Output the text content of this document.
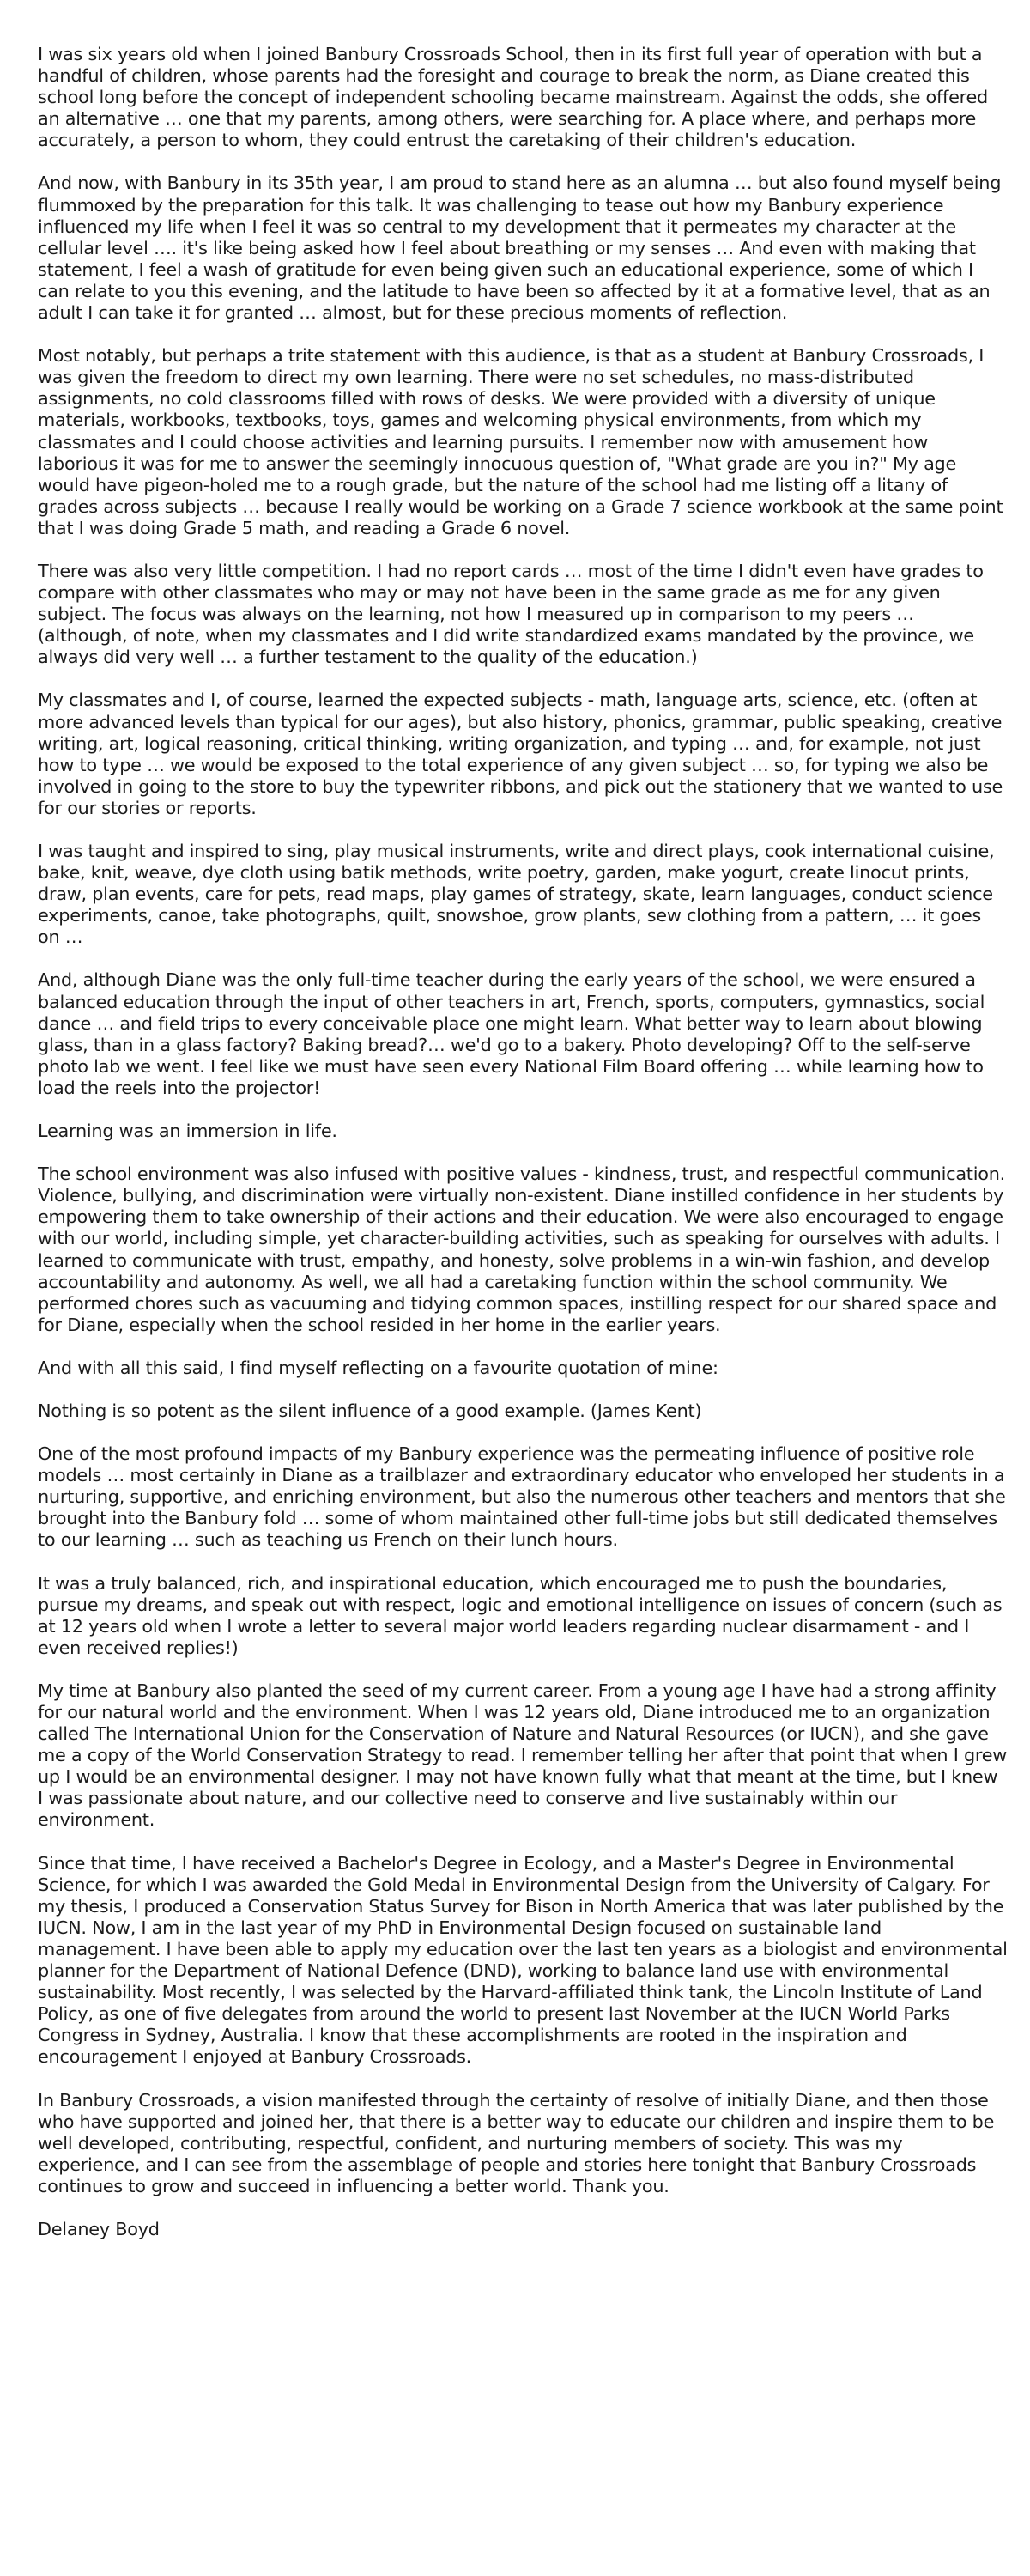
I was six years old when I joined Banbury Crossroads School, then in its first full year of operation with but a handful of children, whose parents had the foresight and courage to break the norm, as Diane created this school long before the concept of independent schooling became mainstream. Against the odds, she offered an alternative … one that my parents, among others, were searching for. A place where, and perhaps more accurately, a person to whom, they could entrust the caretaking of their children's education.

And now, with Banbury in its 35th year, I am proud to stand here as an alumna … but also found myself being flummoxed by the preparation for this talk. It was challenging to tease out how my Banbury experience influenced my life when I feel it was so central to my development that it permeates my character at the cellular level …. it's like being asked how I feel about breathing or my senses … And even with making that statement, I feel a wash of gratitude for even being given such an educational experience, some of which I can relate to you this evening, and the latitude to have been so affected by it at a formative level, that as an adult I can take it for granted … almost, but for these precious moments of reflection.

Most notably, but perhaps a trite statement with this audience, is that as a student at Banbury Crossroads, I was given the freedom to direct my own learning. There were no set schedules, no mass-distributed assignments, no cold classrooms filled with rows of desks. We were provided with a diversity of unique materials, workbooks, textbooks, toys, games and welcoming physical environments, from which my classmates and I could choose activities and learning pursuits. I remember now with amusement how laborious it was for me to answer the seemingly innocuous question of, "What grade are you in?" My age would have pigeon-holed me to a rough grade, but the nature of the school had me listing off a litany of grades across subjects … because I really would be working on a Grade 7 science workbook at the same point that I was doing Grade 5 math, and reading a Grade 6 novel.

There was also very little competition. I had no report cards … most of the time I didn't even have grades to compare with other classmates who may or may not have been in the same grade as me for any given subject. The focus was always on the learning, not how I measured up in comparison to my peers … (although, of note, when my classmates and I did write standardized exams mandated by the province, we always did very well … a further testament to the quality of the education.)

My classmates and I, of course, learned the expected subjects - math, language arts, science, etc. (often at more advanced levels than typical for our ages), but also history, phonics, grammar, public speaking, creative writing, art, logical reasoning, critical thinking, writing organization, and typing … and, for example, not just how to type … we would be exposed to the total experience of any given subject … so, for typing we also be involved in going to the store to buy the typewriter ribbons, and pick out the stationery that we wanted to use for our stories or reports.

I was taught and inspired to sing, play musical instruments, write and direct plays, cook international cuisine, bake, knit, weave, dye cloth using batik methods, write poetry, garden, make yogurt, create linocut prints, draw, plan events, care for pets, read maps, play games of strategy, skate, learn languages, conduct science experiments, canoe, take photographs, quilt, snowshoe, grow plants, sew clothing from a pattern, … it goes on …

And, although Diane was the only full-time teacher during the early years of the school, we were ensured a balanced education through the input of other teachers in art, French, sports, computers, gymnastics, social dance … and field trips to every conceivable place one might learn. What better way to learn about blowing glass, than in a glass factory? Baking bread?… we'd go to a bakery. Photo developing? Off to the self-serve photo lab we went. I feel like we must have seen every National Film Board offering … while learning how to load the reels into the projector!

Learning was an immersion in life.

The school environment was also infused with positive values - kindness, trust, and respectful communication. Violence, bullying, and discrimination were virtually non-existent. Diane instilled confidence in her students by empowering them to take ownership of their actions and their education. We were also encouraged to engage with our world, including simple, yet character-building activities, such as speaking for ourselves with adults. I learned to communicate with trust, empathy, and honesty, solve problems in a win-win fashion, and develop accountability and autonomy. As well, we all had a caretaking function within the school community. We performed chores such as vacuuming and tidying common spaces, instilling respect for our shared space and for Diane, especially when the school resided in her home in the earlier years.

And with all this said, I find myself reflecting on a favourite quotation of mine:

Nothing is so potent as the silent influence of a good example. (James Kent)

One of the most profound impacts of my Banbury experience was the permeating influence of positive role models … most certainly in Diane as a trailblazer and extraordinary educator who enveloped her students in a nurturing, supportive, and enriching environment, but also the numerous other teachers and mentors that she brought into the Banbury fold … some of whom maintained other full-time jobs but still dedicated themselves to our learning … such as teaching us French on their lunch hours.

It was a truly balanced, rich, and inspirational education, which encouraged me to push the boundaries, pursue my dreams, and speak out with respect, logic and emotional intelligence on issues of concern (such as at 12 years old when I wrote a letter to several major world leaders regarding nuclear disarmament - and I even received replies!)

My time at Banbury also planted the seed of my current career. From a young age I have had a strong affinity for our natural world and the environment. When I was 12 years old, Diane introduced me to an organization called The International Union for the Conservation of Nature and Natural Resources (or IUCN), and she gave me a copy of the World Conservation Strategy to read. I remember telling her after that point that when I grew up I would be an environmental designer. I may not have known fully what that meant at the time, but I knew I was passionate about nature, and our collective need to conserve and live sustainably within our environment.

Since that time, I have received a Bachelor's Degree in Ecology, and a Master's Degree in Environmental Science, for which I was awarded the Gold Medal in Environmental Design from the University of Calgary. For my thesis, I produced a Conservation Status Survey for Bison in North America that was later published by the IUCN. Now, I am in the last year of my PhD in Environmental Design focused on sustainable land management. I have been able to apply my education over the last ten years as a biologist and environmental planner for the Department of National Defence (DND), working to balance land use with environmental sustainability. Most recently, I was selected by the Harvard-affiliated think tank, the Lincoln Institute of Land Policy, as one of five delegates from around the world to present last November at the IUCN World Parks Congress in Sydney, Australia. I know that these accomplishments are rooted in the inspiration and encouragement I enjoyed at Banbury Crossroads.

In Banbury Crossroads, a vision manifested through the certainty of resolve of initially Diane, and then those who have supported and joined her, that there is a better way to educate our children and inspire them to be well developed, contributing, respectful, confident, and nurturing members of society. This was my experience, and I can see from the assemblage of people and stories here tonight that Banbury Crossroads continues to grow and succeed in influencing a better world. Thank you.

Delaney Boyd
